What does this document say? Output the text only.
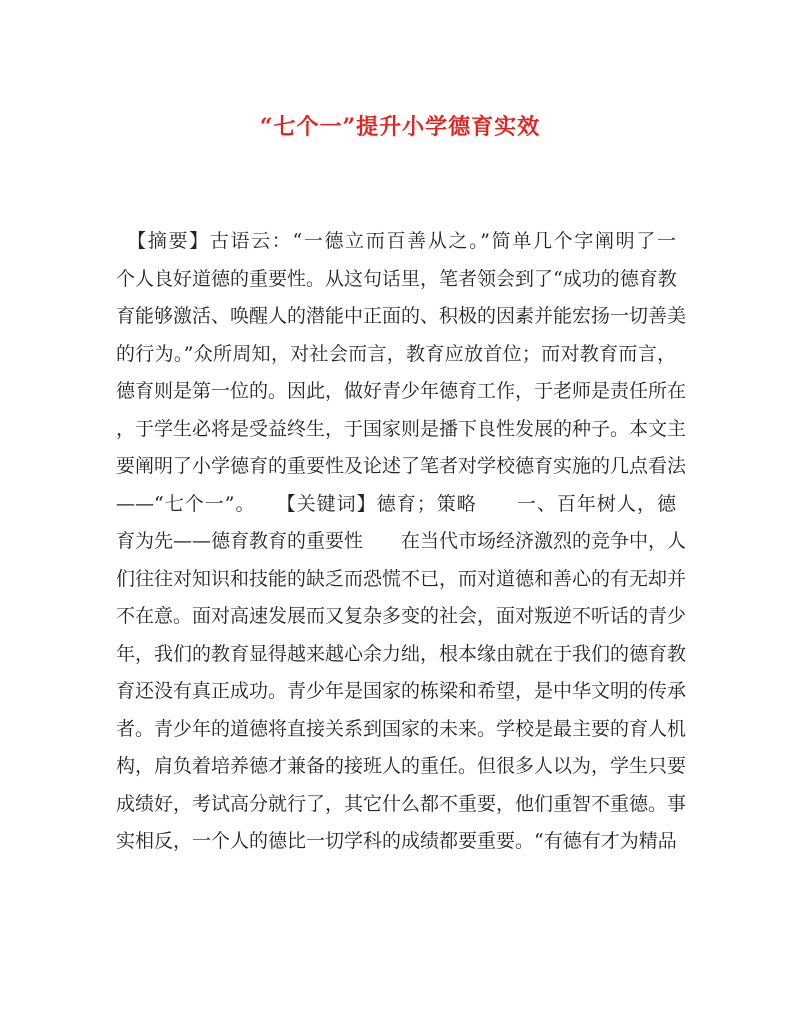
“七个一”提升小学德育实效
　【摘要】古语云：“一德立而百善从之。”简单几个字阐明了一
个人良好道德的重要性。从这句话里，笔者领会到了“成功的德育教
育能够激活、唤醒人的潜能中正面的、积极的因素并能宏扬一切善美
的行为。”众所周知，对社会而言，教育应放首位；而对教育而言，
德育则是第一位的。因此，做好青少年德育工作，于老师是责任所在
，于学生必将是受益终生，于国家则是播下良性发展的种子。本文主
要阐明了小学德育的重要性及论述了笔者对学校德育实施的几点看法
——“七个一”。　　【关键词】德育；策略　　一、百年树人，德
育为先——德育教育的重要性　　在当代市场经济激烈的竞争中，人
们往往对知识和技能的缺乏而恐慌不已，而对道德和善心的有无却并
不在意。面对高速发展而又复杂多变的社会，面对叛逆不听话的青少
年，我们的教育显得越来越心余力绌，根本缘由就在于我们的德育教
育还没有真正成功。青少年是国家的栋梁和希望，是中华文明的传承
者。青少年的道德将直接关系到国家的未来。学校是最主要的育人机
构，肩负着培养德才兼备的接班人的重任。但很多人以为，学生只要
成绩好，考试高分就行了，其它什么都不重要，他们重智不重德。事
实相反，一个人的德比一切学科的成绩都要重要。“有德有才为精品
